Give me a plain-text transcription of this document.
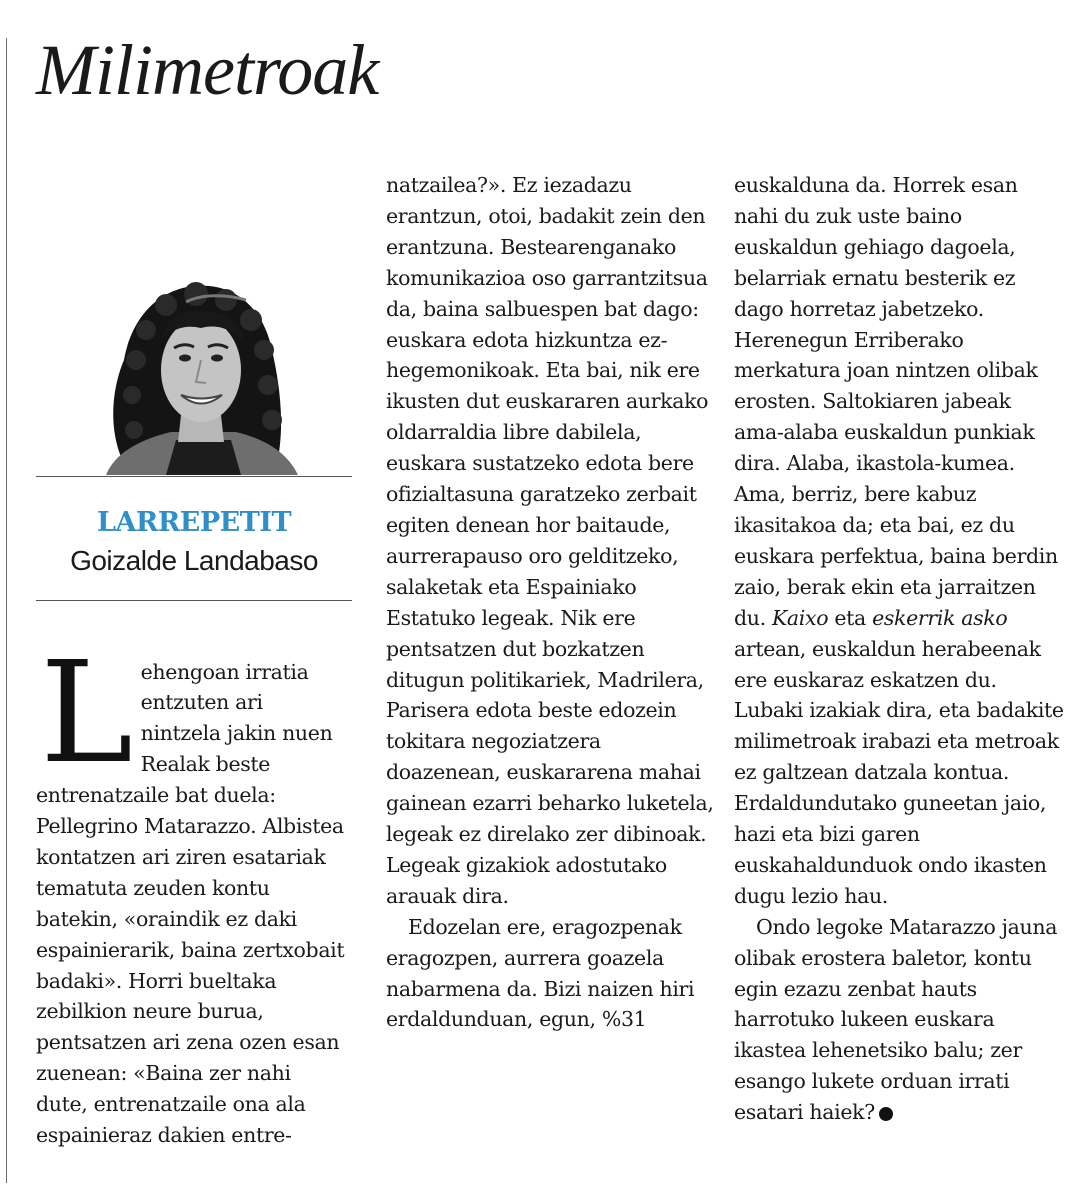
Milimetroak
LARREPETIT
Goizalde Landabaso

Lehengoan irratia entzuten ari nintzela jakin nuen Realak beste entrenatzaile bat duela: Pellegrino Matarazzo. Albistea kontatzen ari ziren esatariak tematuta zeuden kontu batekin, «oraindik ez daki espainierarik, baina zertxobait badaki». Horri bueltaka zebilkion neure burua, pentsatzen ari zena ozen esan zuenean: «Baina zer nahi dute, entrenatzaile ona ala espainieraz dakien entre-

natzailea?». Ez iezadazu erantzun, otoi, badakit zein den erantzuna. Bestearenganako komunikazioa oso garrantzitsua da, baina salbuespen bat dago: euskara edota hizkuntza ez-hegemonikoak. Eta bai, nik ere ikusten dut euskararen aurkako oldarraldia libre dabilela, euskara sustatzeko edota bere ofizialtasuna garatzeko zerbait egiten denean hor baitaude, aurrerapauso oro gelditzeko, salaketak eta Espainiako Estatuko legeak. Nik ere pentsatzen dut bozkatzen ditugun politikariek, Madrilera, Parisera edota beste edozein tokitara negoziatzera doazenean, euskararena mahai gainean ezarri beharko luketela, legeak ez direlako zer dibinoak. Legeak gizakiok adostutako arauak dira.

Edozelan ere, eragozpenak eragozpen, aurrera goazela nabarmena da. Bizi naizen hiri erdaldunduan, egun, %31

euskalduna da. Horrek esan nahi du zuk uste baino euskaldun gehiago dagoela, belarriak ernatu besterik ez dago horretaz jabetzeko. Herenegun Erriberako merkatura joan nintzen olibak erosten. Saltokiaren jabeak ama-alaba euskaldun punkiak dira. Alaba, ikastola-kumea. Ama, berriz, bere kabuz ikasitakoa da; eta bai, ez du euskara perfektua, baina berdin zaio, berak ekin eta jarraitzen du. Kaixo eta eskerrik asko artean, euskaldun herabeenak ere euskaraz eskatzen du. Lubaki izakiak dira, eta badakite milimetroak irabazi eta metroak ez galtzean datzala kontua. Erdaldundutako guneetan jaio, hazi eta bizi garen euskahaldunduok ondo ikasten dugu lezio hau.

Ondo legoke Matarazzo jauna olibak erostera baletor, kontu egin ezazu zenbat hauts harrotuko lukeen euskara ikastea lehenetsiko balu; zer esango lukete orduan irrati esatari haiek?
